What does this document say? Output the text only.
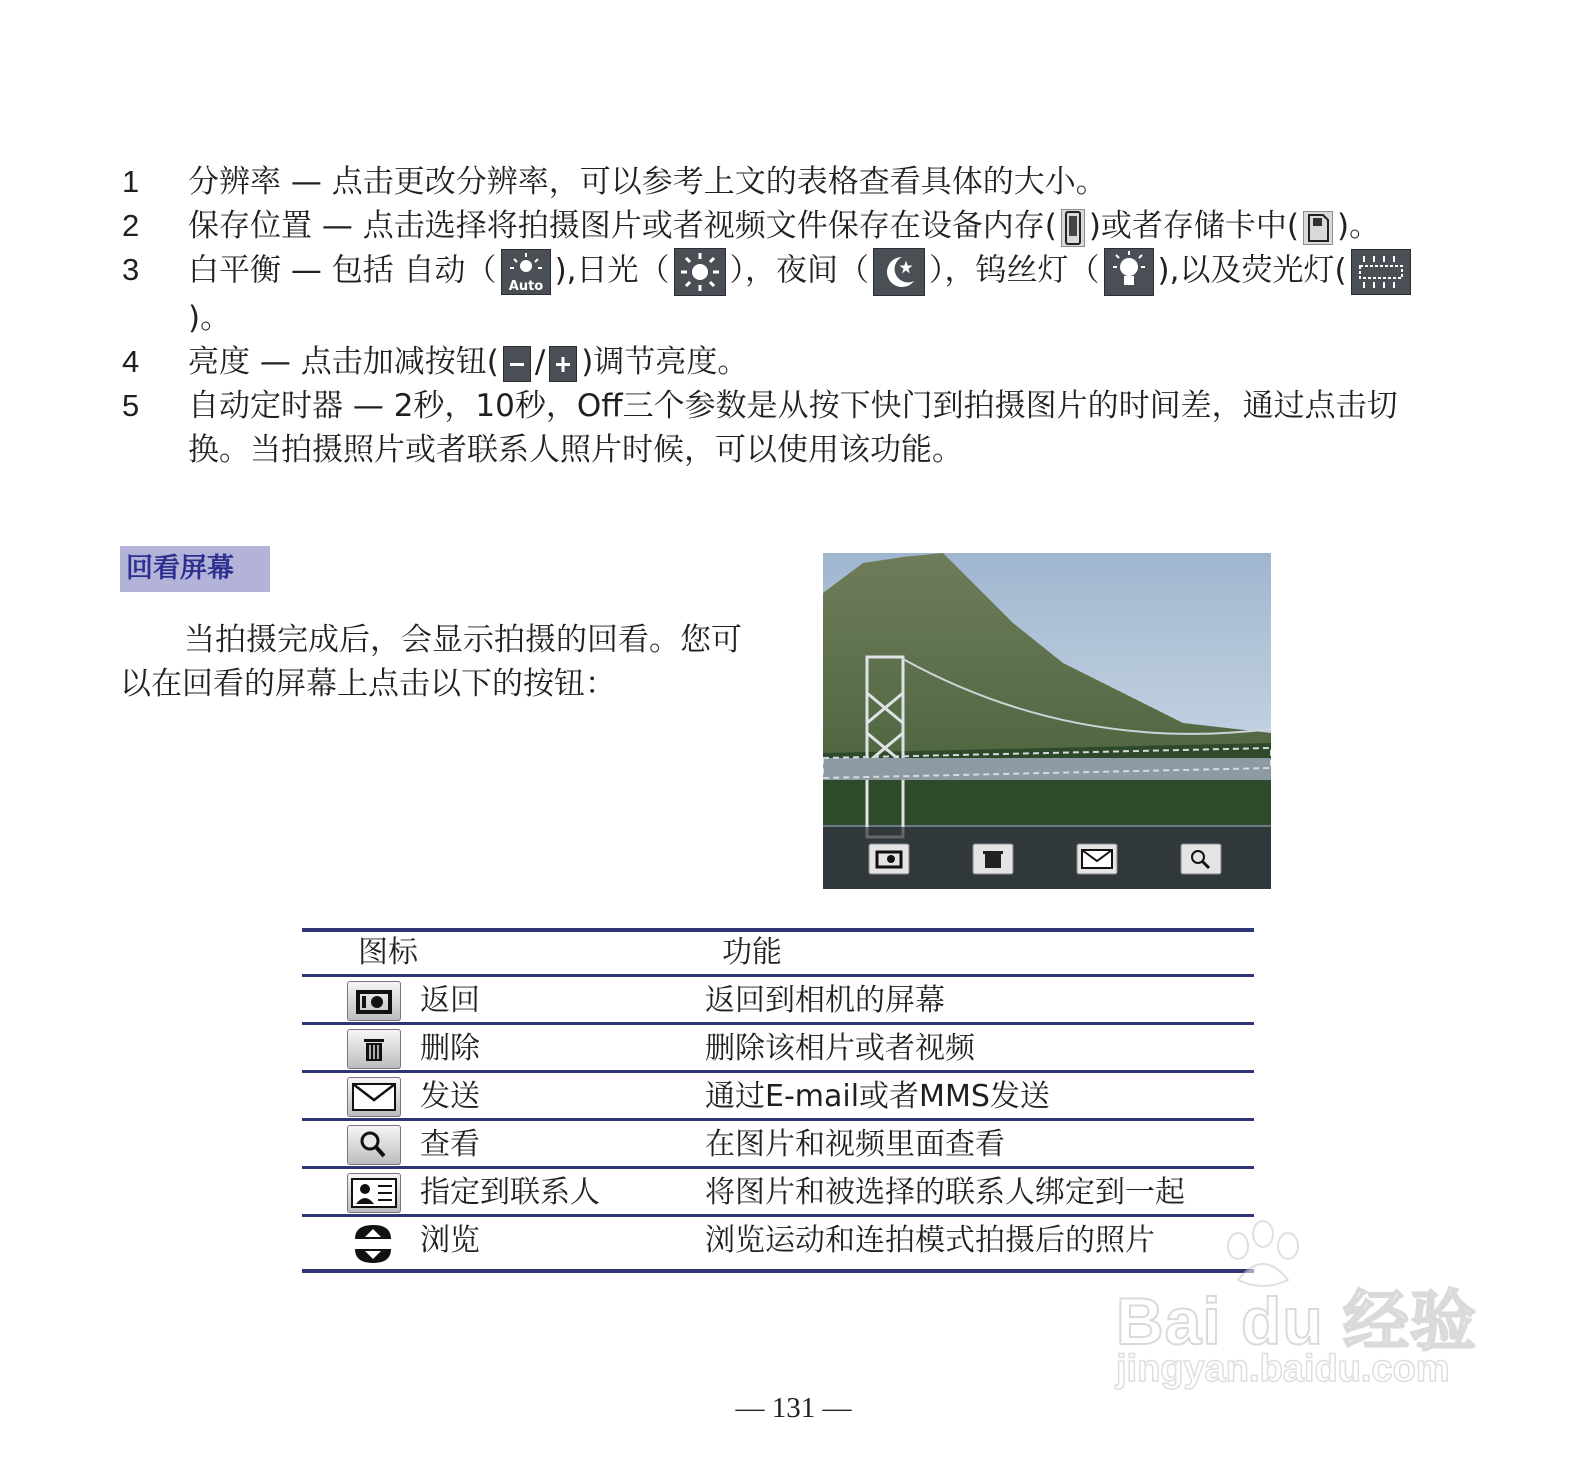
1	分辨率 — 点击更改分辨率，可以参考上文的表格查看具体的大小。
2	保存位置 — 点击选择将拍摄图片或者视频文件保存在设备内存( )或者存储卡中( )。
3	白平衡 — 包括 自动（ Auto ),日光（ ），夜间（ ），钨丝灯（ ),以及荧光灯(
)。
4	亮度 — 点击加减按钮( / )调节亮度。
5	自动定时器 — 2秒，10秒，Off三个参数是从按下快门到拍摄图片的时间差，通过点击切换。当拍摄照片或者联系人照片时候，可以使用该功能。
回看屏幕
当拍摄完成后，会显示拍摄的回看。您可以在回看的屏幕上点击以下的按钮：
图标	功能
返回	返回到相机的屏幕
删除	删除该相片或者视频
发送	通过E-mail或者MMS发送
查看	在图片和视频里面查看
指定到联系人	将图片和被选择的联系人绑定到一起
浏览	浏览运动和连拍模式拍摄后的照片
Bai du 经验
jingyan.baidu.com
— 131 —
